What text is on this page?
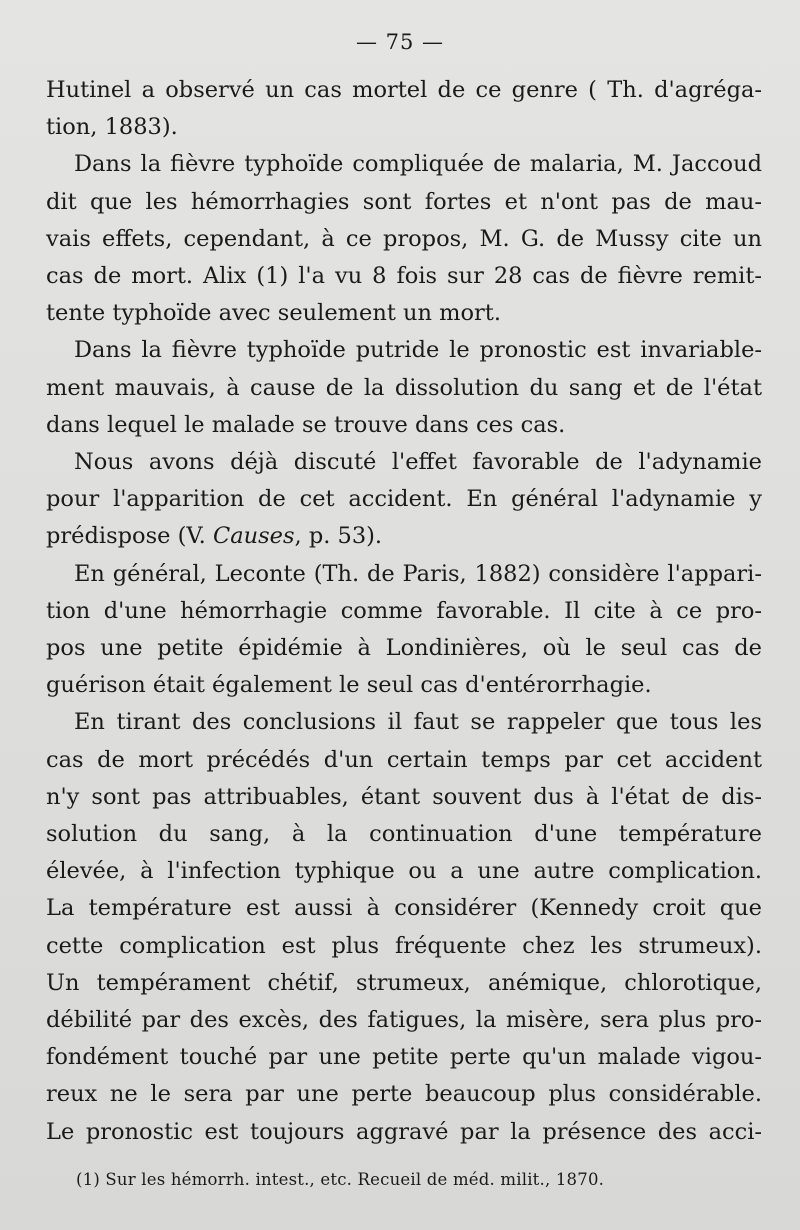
— 75 —

Hutinel a observé un cas mortel de ce genre ( Th. d'agréga-
tion, 1883).

Dans la fièvre typhoïde compliquée de malaria, M. Jaccoud
dit que les hémorrhagies sont fortes et n'ont pas de mau-
vais effets, cependant, à ce propos, M. G. de Mussy cite un
cas de mort. Alix (1) l'a vu 8 fois sur 28 cas de fièvre remit-
tente typhoïde avec seulement un mort.

Dans la fièvre typhoïde putride le pronostic est invariable-
ment mauvais, à cause de la dissolution du sang et de l'état
dans lequel le malade se trouve dans ces cas.

Nous avons déjà discuté l'effet favorable de l'adynamie
pour l'apparition de cet accident. En général l'adynamie y
prédispose (V. Causes, p. 53).

En général, Leconte (Th. de Paris, 1882) considère l'appari-
tion d'une hémorrhagie comme favorable. Il cite à ce pro-
pos une petite épidémie à Londinières, où le seul cas de
guérison était également le seul cas d'entérorrhagie.

En tirant des conclusions il faut se rappeler que tous les
cas de mort précédés d'un certain temps par cet accident
n'y sont pas attribuables, étant souvent dus à l'état de dis-
solution du sang, à la continuation d'une température
élevée, à l'infection typhique ou a une autre complication.
La température est aussi à considérer (Kennedy croit que
cette complication est plus fréquente chez les strumeux).
Un tempérament chétif, strumeux, anémique, chlorotique,
débilité par des excès, des fatigues, la misère, sera plus pro-
fondément touché par une petite perte qu'un malade vigou-
reux ne le sera par une perte beaucoup plus considérable.
Le pronostic est toujours aggravé par la présence des acci-

(1) Sur les hémorrh. intest., etc. Recueil de méd. milit., 1870.
